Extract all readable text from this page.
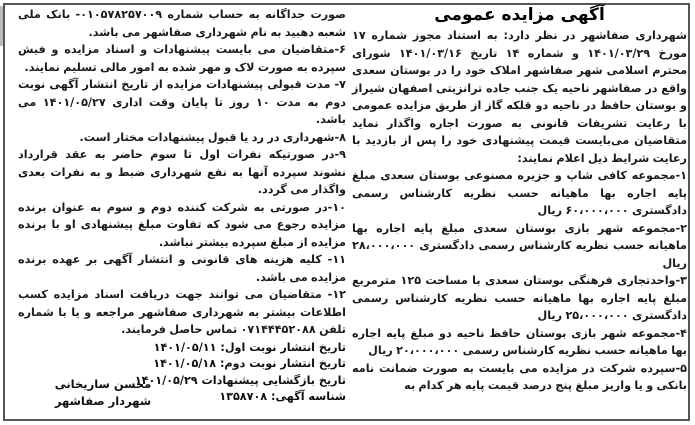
آگهی مزایده عمومی

شهرداری صفاشهر در نظر دارد: به استناد مجوز شماره ۱۷ مورخ ۱۴۰۱/۰۳/۲۹ و شماره ۱۴ تاریخ ۱۴۰۱/۰۳/۱۶ شورای محترم اسلامی شهر صفاشهر املاک خود را در بوستان سعدی واقع در صفاشهر ناحیه یک جنب جاده ترانزیتی اصفهان شیراز و بوستان حافظ در ناحیه دو قلکه گاز از طریق مزایده عمومی با رعایت تشریفات قانونی به صورت اجاره واگذار نماید متقاضیان می‌بایست قیمت پیشنهادی خود را پس از بازدید با رعایت شرایط ذیل اعلام نمایند:

۱-مجموعه کافی شاپ و جزیره مصنوعی بوستان سعدی مبلغ پایه اجاره بها ماهیانه حسب نظریه کارشناس رسمی دادگستری ۶۰،۰۰۰،۰۰۰ ریال

۲-مجموعه شهر بازی بوستان سعدی مبلغ پایه اجاره بها ماهیانه حسب نظریه کارشناس رسمی دادگستری ۲۸،۰۰۰،۰۰۰ ریال

۳-واحدتجاری فرهنگی بوستان سعدی با مساحت ۱۲۵ مترمربع مبلغ پایه اجاره بها ماهیانه حسب نظریه کارشناس رسمی دادگستری ۲۵،۰۰۰،۰۰۰ ریال

۴-مجموعه شهر بازی بوستان حافظ ناحیه دو مبلغ پایه اجاره بها ماهیانه حسب نظریه کارشناس رسمی ۲۰،۰۰۰،۰۰۰ ریال

۵-سپرده شرکت در مزایده می بایست به صورت ضمانت نامه بانکی و یا واریز مبلغ پنج درصد قیمت پایه هر کدام به

صورت جداگانه به حساب شماره ۰۱۰۵۷۸۲۵۷۰۰۹- بانک ملی شعبه دهبید به نام شهرداری صفاشهر می باشد.

۶-متقاضیان می بایست پیشنهادات و اسناد مزایده و فیش سپرده به صورت لاک و مهر شده به امور مالی تسلیم نمایند.

۷- مدت قبولی پیشنهادات مزایده از تاریخ انتشار آگهی نوبت دوم به مدت ۱۰ روز تا پایان وقت اداری ۱۴۰۱/۰۵/۲۷ می باشد.

۸-شهرداری در رد یا قبول پیشنهادات مختار است.

۹-در صورتیکه نفرات اول تا سوم حاضر به عقد قرارداد نشوند سپرده آنها به نفع شهرداری ضبط و به نفرات بعدی واگذار می گردد.

۱۰-در صورتی به شرکت کننده دوم و سوم به عنوان برنده مزایده رجوع می شود که تفاوت مبلغ پیشنهادی او با برنده مزایده از مبلغ سپرده بیشتر نباشد.

۱۱- کلیه هزینه های قانونی و انتشار آگهی بر عهده برنده مزایده می باشد.

۱۲- متقاضیان می توانند جهت دریافت اسناد مزایده کسب اطلاعات بیشتر به شهرداری صفاشهر مراجعه و یا با شماره تلفن ۰۷۱۴۴۴۵۲۰۸۸ تماس حاصل فرمایند.

تاریخ انتشار نوبت اول: ۱۴۰۱/۰۵/۱۱
تاریخ انتشار نوبت دوم: ۱۴۰۱/۰۵/۱۸
تاریخ بازگشایی پیشنهادات ۱۴۰۱/۰۵/۲۹
شناسه آگهی: ۱۳۵۸۷۰۸
محسن ساریخانی
شهردار صفاشهر
